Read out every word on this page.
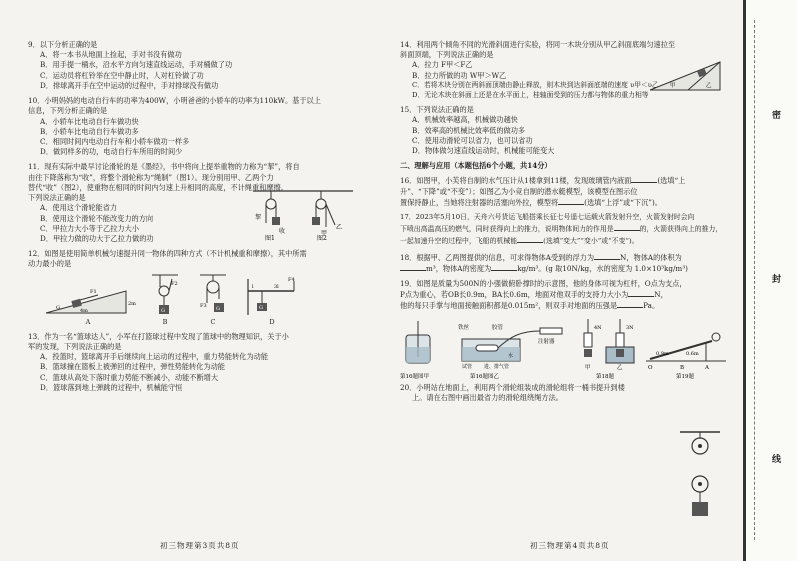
9．以下分析正确的是
A．将一本书从地面上捡起，手对书没有做功
B．用手提一桶水，沿水平方向匀速直线运动，手对桶做了功
C．运动员将杠铃举在空中静止时，人对杠铃做了功
D．排球离开手在空中运动的过程中，手对排球没有做功
10．小明妈妈的电动自行车的功率为400W，小明爸爸的小轿车的功率为110kW。基于以上
信息，下列分析正确的是
A．小轿车比电动自行车做功快
B．小轿车比电动自行车做功多
C．相同时间内电动自行车和小轿车做功一样多
D．做同样多的功，电动自行车所用的时间少
11．现有实际中最早讨论滑轮的是《墨经》，书中将向上提举重物的力称为“挈”，将自
由往下降落称为“收”，将整个滑轮称为“绳制”（图1）。现分别用甲、乙两个力
替代“收”（图2），使重物在相同的时间内匀速上升相同的高度，不计绳重和摩擦。
下列说法正确的是
A．使用这个滑轮能省力
B．使用这个滑轮不能改变力的方向
C．甲拉力大小等于乙拉力大小
D．甲拉力做的功大于乙拉力做的功
挈
收	甲
乙
图1	图2
12．如图是使用简单机械匀速提升同一物体的四种方式（不计机械重和摩擦），其中所需
动力最小的是
F1
4m
2m
G
A
F2
G
B
F3 G
C
l	3l
F4
G
D
13．作为一名“篮球达人”，小军在打篮球过程中发现了篮球中的物理知识，关于小
军的发现，下列说法正确的是
A．投篮时，篮球离开手后继续向上运动的过程中，重力势能转化为动能
B．篮球撞在篮板上被弹回的过程中，弹性势能转化为动能
C．篮球从高处下落时重力势能不断减小，动能不断增大
D．篮球落到地上弹跳的过程中，机械能守恒
初三物理第3页共8页
14．利用两个倾角不同的光滑斜面进行实验，将同一木块分别从甲乙斜面底端匀速拉至
斜面顶端，下列说法正确的是
甲	乙
A．拉力 F甲＜F乙
B．拉力所做的功 W甲＞W乙
C．若将木块分别在两斜面顶端由静止释放，则木块到达斜面底端的速度 υ甲＜υ乙
D．无论木块在斜面上还是在水平面上，桂轴面受到的压力都与物体的重力相等
15．下列说法正确的是
A．机械效率越高，机械做功越快
B．效率高的机械比效率低的做功多
C．使用动滑轮可以省力，也可以省功
D．物体做匀速直线运动时，机械能可能变大
二、理解与应用（本题包括6个小题，共14分）
16．如图甲，小芙将自制的水气压计从1楼拿到11楼，发现玻璃管内液面	(选填“上
升”、“下降”或“不变”）；如图乙为小竞自制的潜水艇模型，该模型在图示位
置保持静止，当她将注射器的活塞向外拉，模型将	(选填“上浮”或“下沉”)。
17．2023年5月10日，天舟六号货运飞船搭乘长征七号遥七运载火箭发射升空，火箭发射时会向
下喷出高温高压的燃气，同时获得向上的推力，说明物体间力的作用是	的，火箭获得向上的推力，
一起加速升空的过程中，飞船的机械能	(选填“变大”“变小”或“不变”)。
18．根据甲、乙两图提供的信息，可求得物体A受到的浮力为	N，物体A的体积为
m³，物体A的密度为	kg/m³。(g 取10N/kg，水的密度为 1.0×10³kg/m³)
19．如图是质量为500N的小强做俯卧撑时的示意图，他的身体可视为杠杆，O点为支点，
P点为重心，若OB长0.9m，BA长0.6m，地面对他双手的支持力大小为	N，
他的每只手掌与地面接触面积都是0.015m²，则双手对地面的压强是	Pa。
铁丝	胶管
注射器
试管 进、排气管
水
4N	3N
甲	乙
0.9m	0.6m
O	B	A
第16题图甲	第16题图乙	第18题	第19题
20．小明站在地面上，利用两个滑轮组装成的滑轮组将一桶书提升到楼
上。请在右图中画出最省力的滑轮组绕绳方法。
初三物理第4页共8页
密
封
线
